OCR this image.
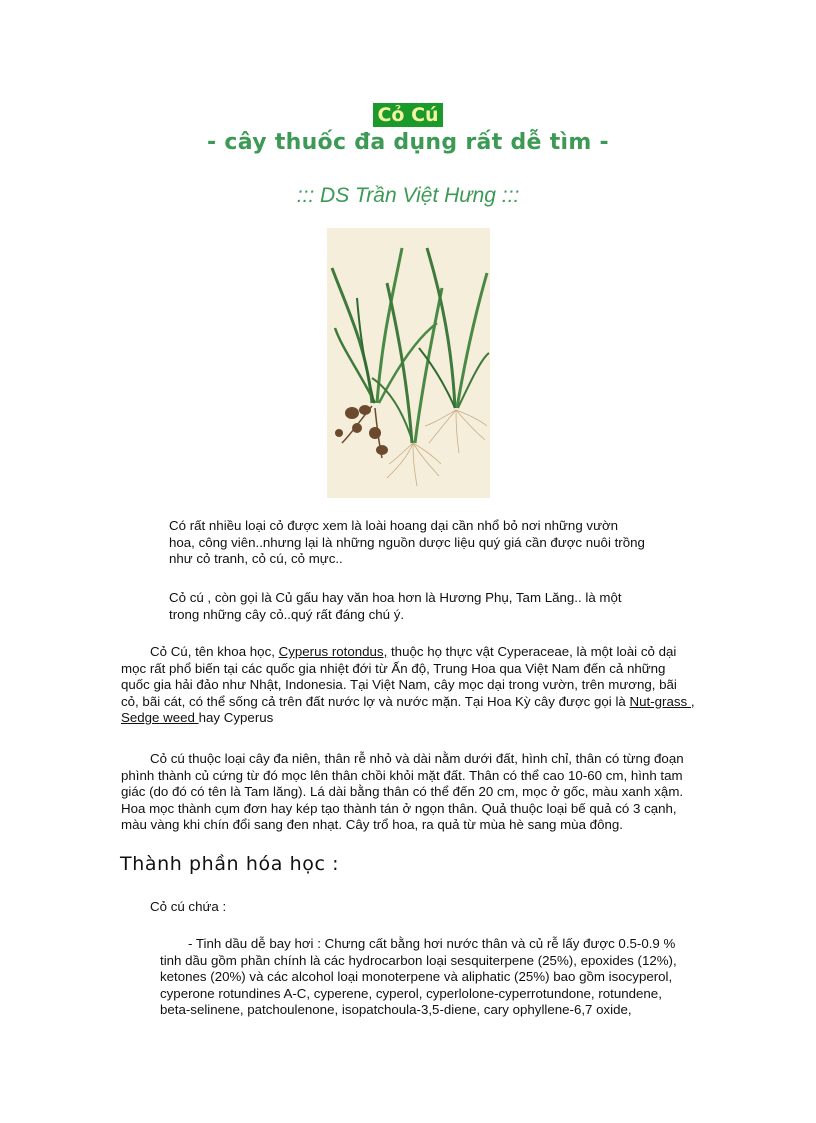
Cỏ Cú
- cây thuốc đa dụng rất dễ tìm -
::: DS Trần Việt Hưng :::

Có rất nhiều loại cỏ được xem là loài hoang dại cần nhổ bỏ nơi những vườn
hoa, công viên..nhưng lại là những nguồn dược liệu quý giá cần được nuôi trồng
như cỏ tranh, cỏ cú, cỏ mực..

Cỏ cú , còn gọi là Củ gấu hay văn hoa hơn là Hương Phụ, Tam Lăng.. là một
trong những cây cỏ..quý rất đáng chú ý.

Cỏ Cú, tên khoa học, Cyperus rotondus, thuộc họ thực vật Cyperaceae, là một loài cỏ dại
mọc rất phổ biến tại các quốc gia nhiệt đới từ Ấn độ, Trung Hoa qua Việt Nam đến cả những
quốc gia hải đảo như Nhật, Indonesia. Tại Việt Nam, cây mọc dại trong vườn, trên mương, bãi
cỏ, bãi cát, có thể sống cả trên đất nước lợ và nước mặn. Tại Hoa Kỳ cây được gọi là Nut-grass ,
Sedge weed hay Cyperus

Cỏ cú thuộc loại cây đa niên, thân rễ nhỏ và dài nằm dưới đất, hình chỉ, thân có từng đoạn
phình thành củ cứng từ đó mọc lên thân chồi khỏi mặt đất. Thân có thể cao 10-60 cm, hình tam
giác (do đó có tên là Tam lăng). Lá dài bằng thân có thể đến 20 cm, mọc ở gốc, màu xanh xậm.
Hoa mọc thành cụm đơn hay kép tạo thành tán ở ngọn thân. Quả thuộc loại bế quả có 3 cạnh,
màu vàng khi chín đổi sang đen nhạt. Cây trổ hoa, ra quả từ mùa hè sang mùa đông.

Thành phần hóa học :

Cỏ cú chứa :

- Tinh dầu dễ bay hơi : Chưng cất bằng hơi nước thân và củ rễ lấy được 0.5-0.9 %
tinh dầu gồm phần chính là các hydrocarbon loại sesquiterpene (25%), epoxides (12%),
ketones (20%) và các alcohol loại monoterpene và aliphatic (25%) bao gồm isocyperol,
cyperone rotundines A-C, cyperene, cyperol, cyperlolone-cyperrotundone, rotundene,
beta-selinene, patchoulenone, isopatchoula-3,5-diene, cary ophyllene-6,7 oxide,
